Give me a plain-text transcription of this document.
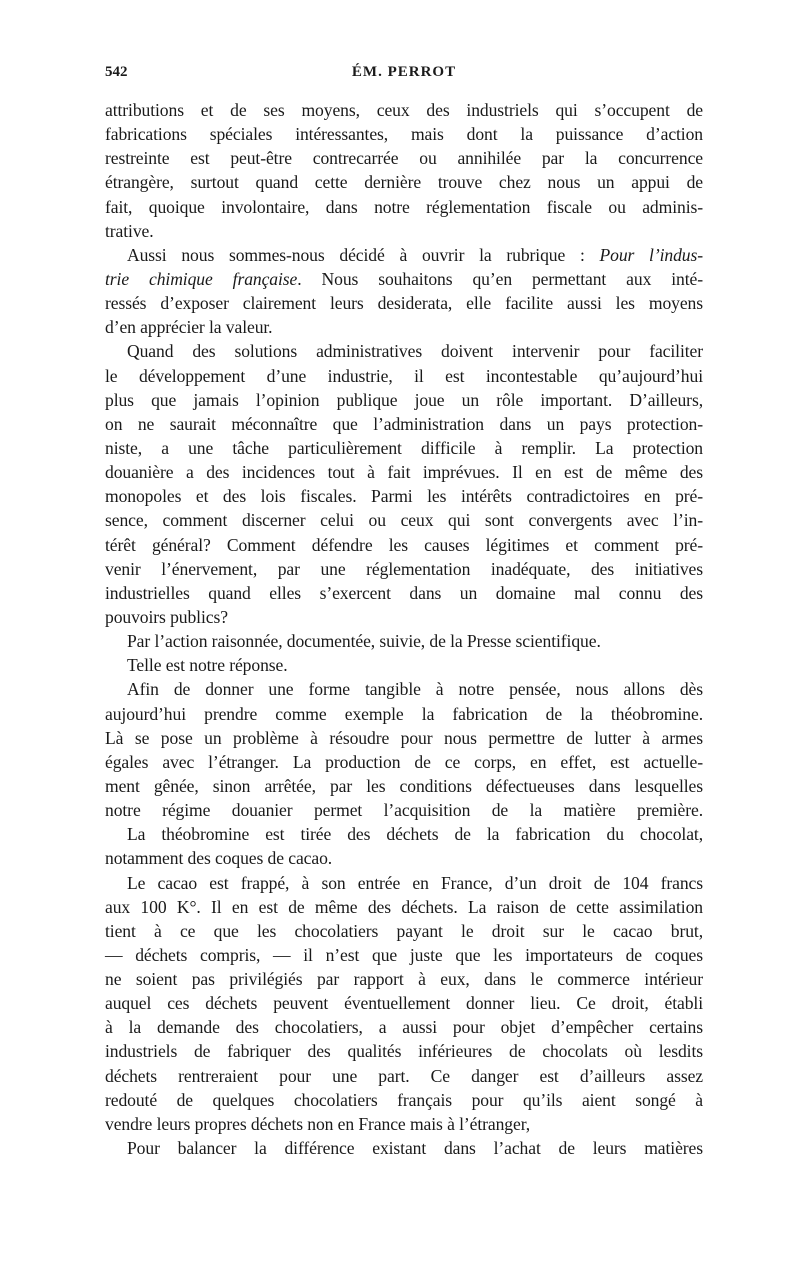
542	ÉM. PERROT
attributions et de ses moyens, ceux des industriels qui s’occupent de
fabrications spéciales intéressantes, mais dont la puissance d’action
restreinte est peut-être contrecarrée ou annihilée par la concurrence
étrangère, surtout quand cette dernière trouve chez nous un appui de
fait, quoique involontaire, dans notre réglementation fiscale ou adminis-
trative.
Aussi nous sommes-nous décidé à ouvrir la rubrique : Pour l’indus-
trie chimique française. Nous souhaitons qu’en permettant aux inté-
ressés d’exposer clairement leurs desiderata, elle facilite aussi les moyens
d’en apprécier la valeur.
Quand des solutions administratives doivent intervenir pour faciliter
le développement d’une industrie, il est incontestable qu’aujourd’hui
plus que jamais l’opinion publique joue un rôle important. D’ailleurs,
on ne saurait méconnaître que l’administration dans un pays protection-
niste, a une tâche particulièrement difficile à remplir. La protection
douanière a des incidences tout à fait imprévues. Il en est de même des
monopoles et des lois fiscales. Parmi les intérêts contradictoires en pré-
sence, comment discerner celui ou ceux qui sont convergents avec l’in-
térêt général? Comment défendre les causes légitimes et comment pré-
venir l’énervement, par une réglementation inadéquate, des initiatives
industrielles quand elles s’exercent dans un domaine mal connu des
pouvoirs publics?
Par l’action raisonnée, documentée, suivie, de la Presse scientifique.
Telle est notre réponse.
Afin de donner une forme tangible à notre pensée, nous allons dès
aujourd’hui prendre comme exemple la fabrication de la théobromine.
Là se pose un problème à résoudre pour nous permettre de lutter à armes
égales avec l’étranger. La production de ce corps, en effet, est actuelle-
ment gênée, sinon arrêtée, par les conditions défectueuses dans lesquelles
notre régime douanier permet l’acquisition de la matière première.
La théobromine est tirée des déchets de la fabrication du chocolat,
notamment des coques de cacao.
Le cacao est frappé, à son entrée en France, d’un droit de 104 francs
aux 100 K°. Il en est de même des déchets. La raison de cette assimilation
tient à ce que les chocolatiers payant le droit sur le cacao brut,
— déchets compris, — il n’est que juste que les importateurs de coques
ne soient pas privilégiés par rapport à eux, dans le commerce intérieur
auquel ces déchets peuvent éventuellement donner lieu. Ce droit, établi
à la demande des chocolatiers, a aussi pour objet d’empêcher certains
industriels de fabriquer des qualités inférieures de chocolats où lesdits
déchets rentreraient pour une part. Ce danger est d’ailleurs assez
redouté de quelques chocolatiers français pour qu’ils aient songé à
vendre leurs propres déchets non en France mais à l’étranger,
Pour balancer la différence existant dans l’achat de leurs matières
